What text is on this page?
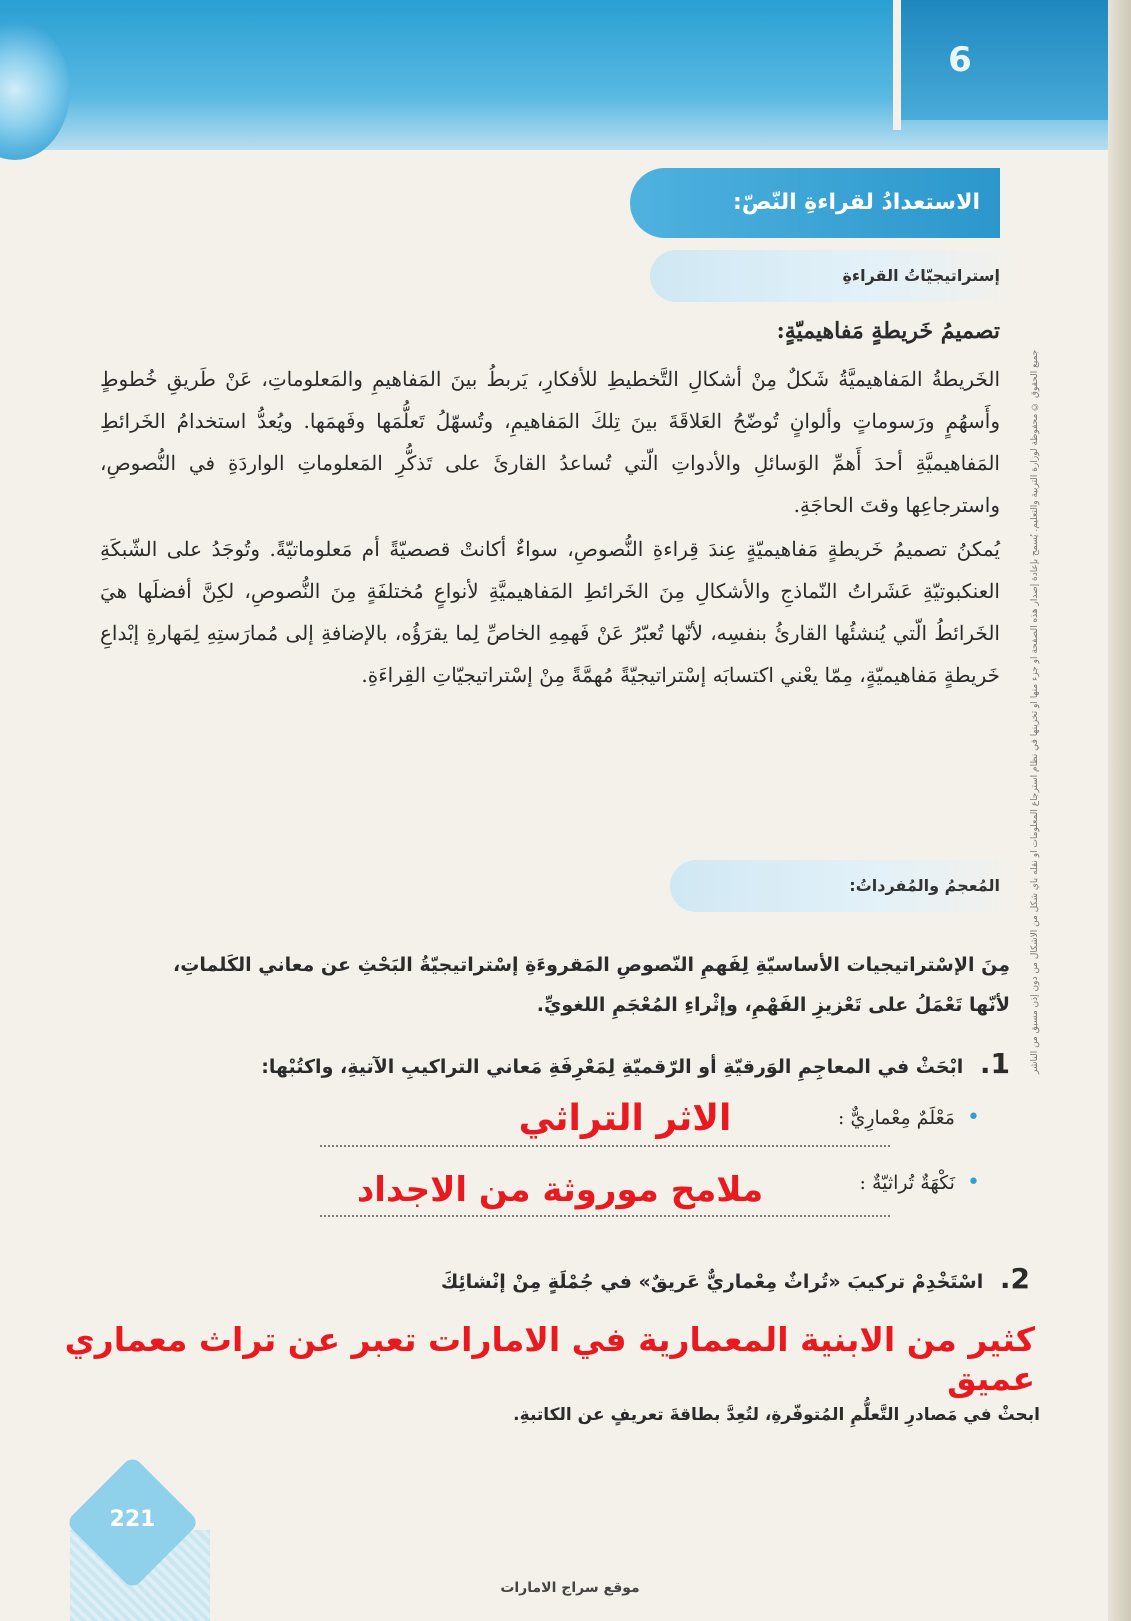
6
الاستعدادُ لقراءةِ النّصّ:
إستراتيجيّاتُ القراءةِ
تصميمُ خَريطةٍ مَفاهيميّةٍ:

الخَريطةُ المَفاهيميَّةُ شَكلٌ مِنْ أشكالِ التَّخطيطِ للأفكارِ، يَربطُ بينَ المَفاهيمِ والمَعلوماتِ، عَنْ طَريقِ خُطوطٍ وأَسهُمٍ ورَسوماتٍ وألوانٍ تُوضّحُ العَلاقَةَ بينَ تِلكَ المَفاهيمِ، وتُسهّلُ تَعلُّمَها وفَهمَها. ويُعدُّ استخدامُ الخَرائطِ المَفاهيميَّةِ أحدَ أَهمِّ الوَسائلِ والأدواتِ الّتي تُساعدُ القارئَ على تَذكُّرِ المَعلوماتِ الواردَةِ في النُّصوصِ، واسترجاعِها وقتَ الحاجَةِ.

يُمكنُ تصميمُ خَريطةٍ مَفاهيميّةٍ عِندَ قِراءةِ النُّصوصِ، سواءٌ أكانتْ قصصيّةً أم مَعلوماتيّةً. وتُوجَدُ على الشّبكَةِ العنكبوتيّةِ عَشَراتُ النّماذجِ والأشكالِ مِنَ الخَرائطِ المَفاهيميَّةِ لأنواعٍ مُختلفَةٍ مِنَ النُّصوصِ، لكِنَّ أفضلَها هيَ الخَرائطُ الّتي يُنشئُها القارئُ بنفسِه، لأنّها تُعبّرُ عَنْ فَهمِهِ الخاصِّ لِما يقرَؤُه، بالإضافةِ إلى مُمارَستِهِ لِمَهارةِ إبْداعِ خَريطةٍ مَفاهيميّةٍ، مِمّا يعْني اكتسابَه إسْتراتيجيّةً مُهمَّةً مِنْ إسْتراتيجيّاتِ القِراءَةِ.

المُعجمُ والمُفرداتُ:
مِنَ الإسْتراتيجيات الأساسيّةِ لِفَهمِ النّصوصِ المَقروءَةِ إسْتراتيجيّةُ البَحْثِ عن معاني الكَلماتِ، لأنّها تَعْمَلُ على تَعْزيزِ الفَهْمِ، وإثْراءِ المُعْجَمِ اللغويِّ.
1. ابْحَثْ في المعاجِمِ الوَرقيّةِ أو الرّقميّةِ لِمَعْرِفَةِ مَعاني التراكيبِ الآتيةِ، واكتُبْها:
• مَعْلَمٌ مِعْمارِيٌّ :
الاثر التراثي
• نَكْهَةٌ تُراثيّةٌ :
ملامح موروثة من الاجداد
2. اسْتَخْدِمْ تركيبَ «تُراثٌ مِعْماريٌّ عَريقٌ» في جُمْلَةٍ مِنْ إنْشائِكَ
كثير من الابنية المعمارية في الامارات تعبر عن تراث معماري عميق
ابحثْ في مَصادرِ التَّعلُّمِ المُتوفّرةِ، لتُعِدَّ بطاقةَ تعريفٍ عن الكاتبةِ.
جميع الحقوق © محفوظة لوزارة التربية والتعليم. يُسمح بإعادة إصدار هذه الصفحة أو جزء منها أو تخزينها في نظام استرجاع المعلومات أو نقله بأي شكل من الأشكال من دون إذن مسبق من الناشر
221
موقع سراج الامارات
